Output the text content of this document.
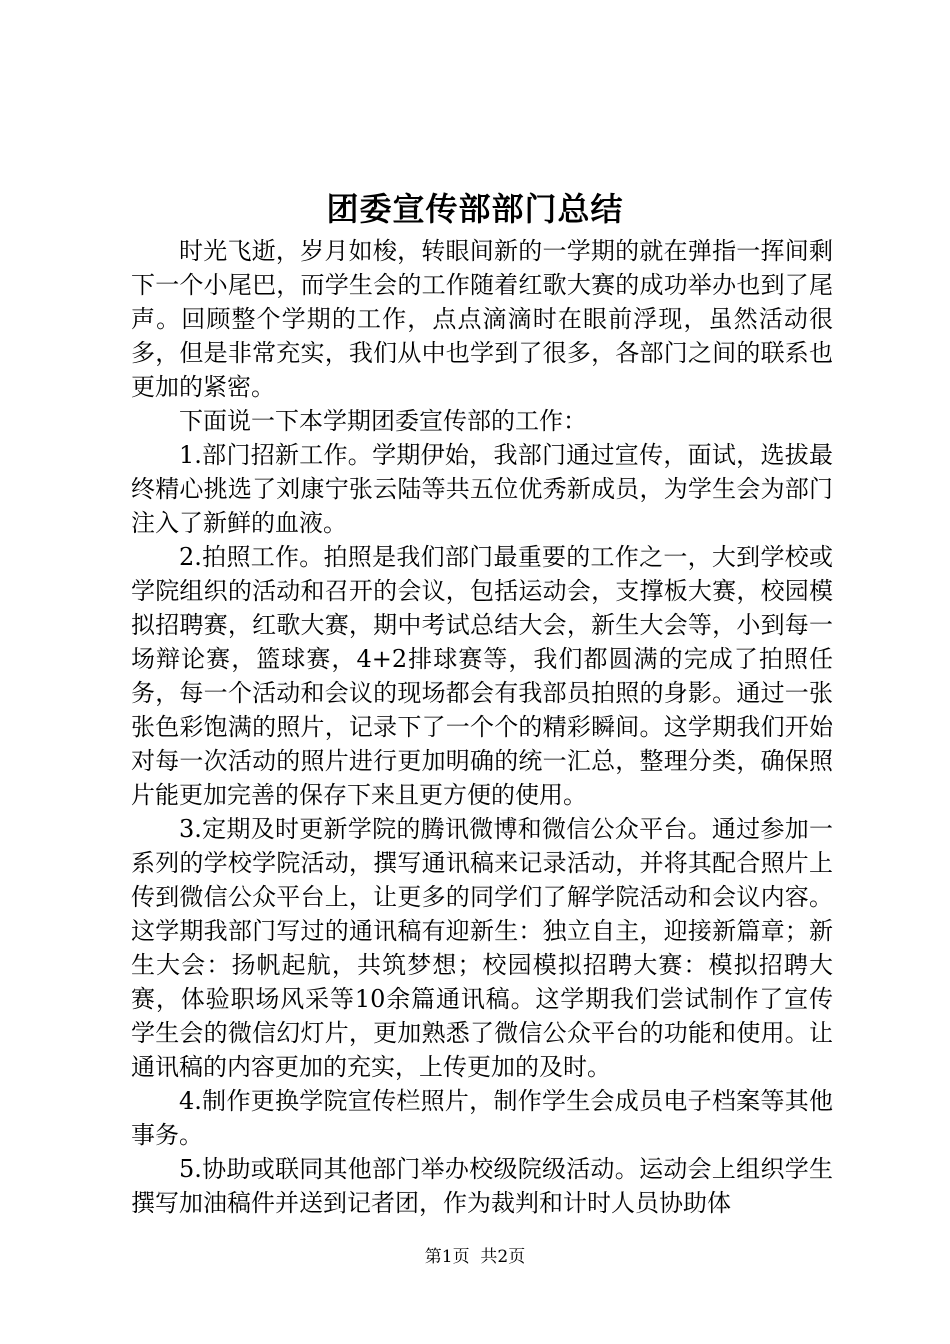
团委宣传部部门总结

时光飞逝，岁月如梭，转眼间新的一学期的就在弹指一挥间剩下一个小尾巴，而学生会的工作随着红歌大赛的成功举办也到了尾声。回顾整个学期的工作，点点滴滴时在眼前浮现，虽然活动很多，但是非常充实，我们从中也学到了很多，各部门之间的联系也更加的紧密。

下面说一下本学期团委宣传部的工作：

1.部门招新工作。学期伊始，我部门通过宣传，面试，选拔最终精心挑选了刘康宁张云陆等共五位优秀新成员，为学生会为部门注入了新鲜的血液。

2.拍照工作。拍照是我们部门最重要的工作之一，大到学校或学院组织的活动和召开的会议，包括运动会，支撑板大赛，校园模拟招聘赛，红歌大赛，期中考试总结大会，新生大会等，小到每一场辩论赛，篮球赛，4+2排球赛等，我们都圆满的完成了拍照任务，每一个活动和会议的现场都会有我部员拍照的身影。通过一张张色彩饱满的照片，记录下了一个个的精彩瞬间。这学期我们开始对每一次活动的照片进行更加明确的统一汇总，整理分类，确保照片能更加完善的保存下来且更方便的使用。

3.定期及时更新学院的腾讯微博和微信公众平台。通过参加一系列的学校学院活动，撰写通讯稿来记录活动，并将其配合照片上传到微信公众平台上，让更多的同学们了解学院活动和会议内容。这学期我部门写过的通讯稿有迎新生：独立自主，迎接新篇章；新生大会：扬帆起航，共筑梦想；校园模拟招聘大赛：模拟招聘大赛，体验职场风采等10余篇通讯稿。这学期我们尝试制作了宣传学生会的微信幻灯片，更加熟悉了微信公众平台的功能和使用。让通讯稿的内容更加的充实，上传更加的及时。

4.制作更换学院宣传栏照片，制作学生会成员电子档案等其他事务。

5.协助或联同其他部门举办校级院级活动。运动会上组织学生撰写加油稿件并送到记者团，作为裁判和计时人员协助体

第1页  共2页
